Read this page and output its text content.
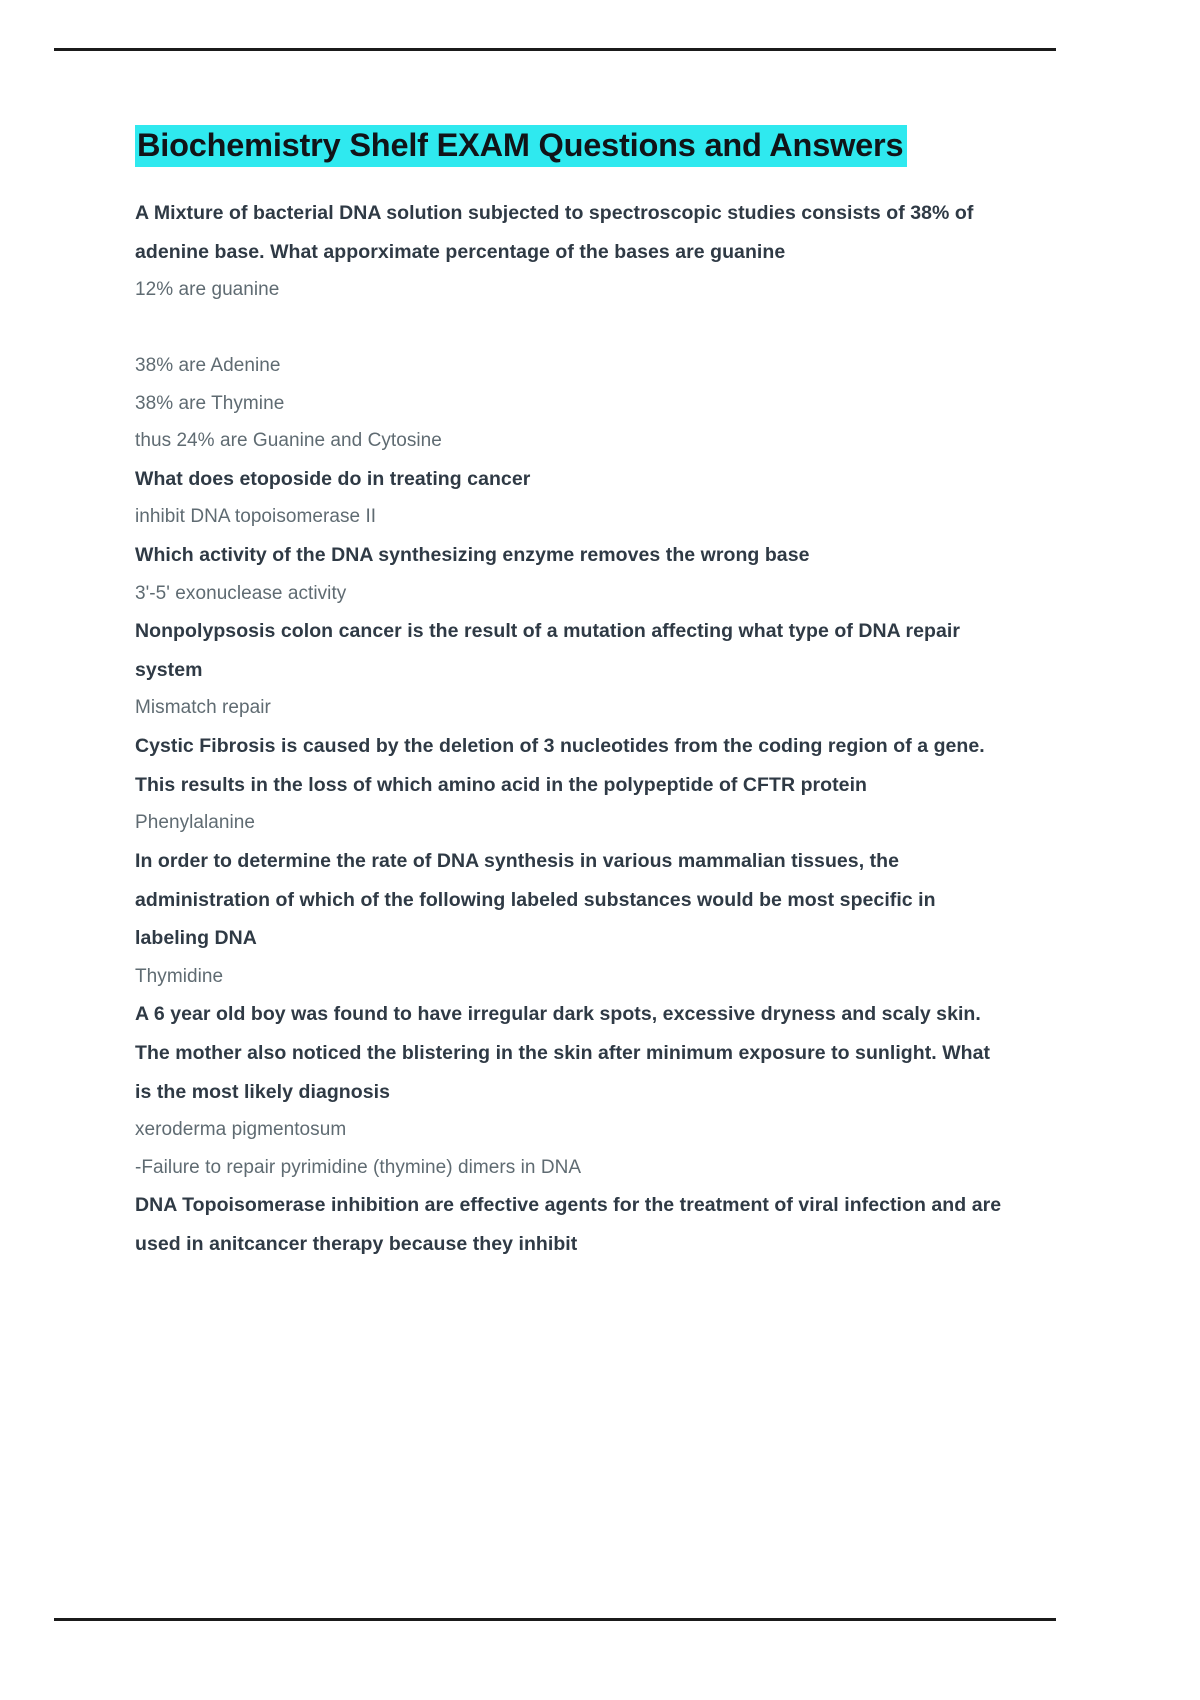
Biochemistry Shelf EXAM Questions and Answers

A Mixture of bacterial DNA solution subjected to spectroscopic studies consists of 38% of adenine base. What apporximate percentage of the bases are guanine

12% are guanine

38% are Adenine

38% are Thymine

thus 24% are Guanine and Cytosine

What does etoposide do in treating cancer

inhibit DNA topoisomerase II

Which activity of the DNA synthesizing enzyme removes the wrong base

3'-5' exonuclease activity

Nonpolypsosis colon cancer is the result of a mutation affecting what type of DNA repair system

Mismatch repair

Cystic Fibrosis is caused by the deletion of 3 nucleotides from the coding region of a gene. This results in the loss of which amino acid in the polypeptide of CFTR protein

Phenylalanine

In order to determine the rate of DNA synthesis in various mammalian tissues, the administration of which of the following labeled substances would be most specific in labeling DNA

Thymidine

A 6 year old boy was found to have irregular dark spots, excessive dryness and scaly skin. The mother also noticed the blistering in the skin after minimum exposure to sunlight. What is the most likely diagnosis

xeroderma pigmentosum

-Failure to repair pyrimidine (thymine) dimers in DNA

DNA Topoisomerase inhibition are effective agents for the treatment of viral infection and are used in anitcancer therapy because they inhibit
